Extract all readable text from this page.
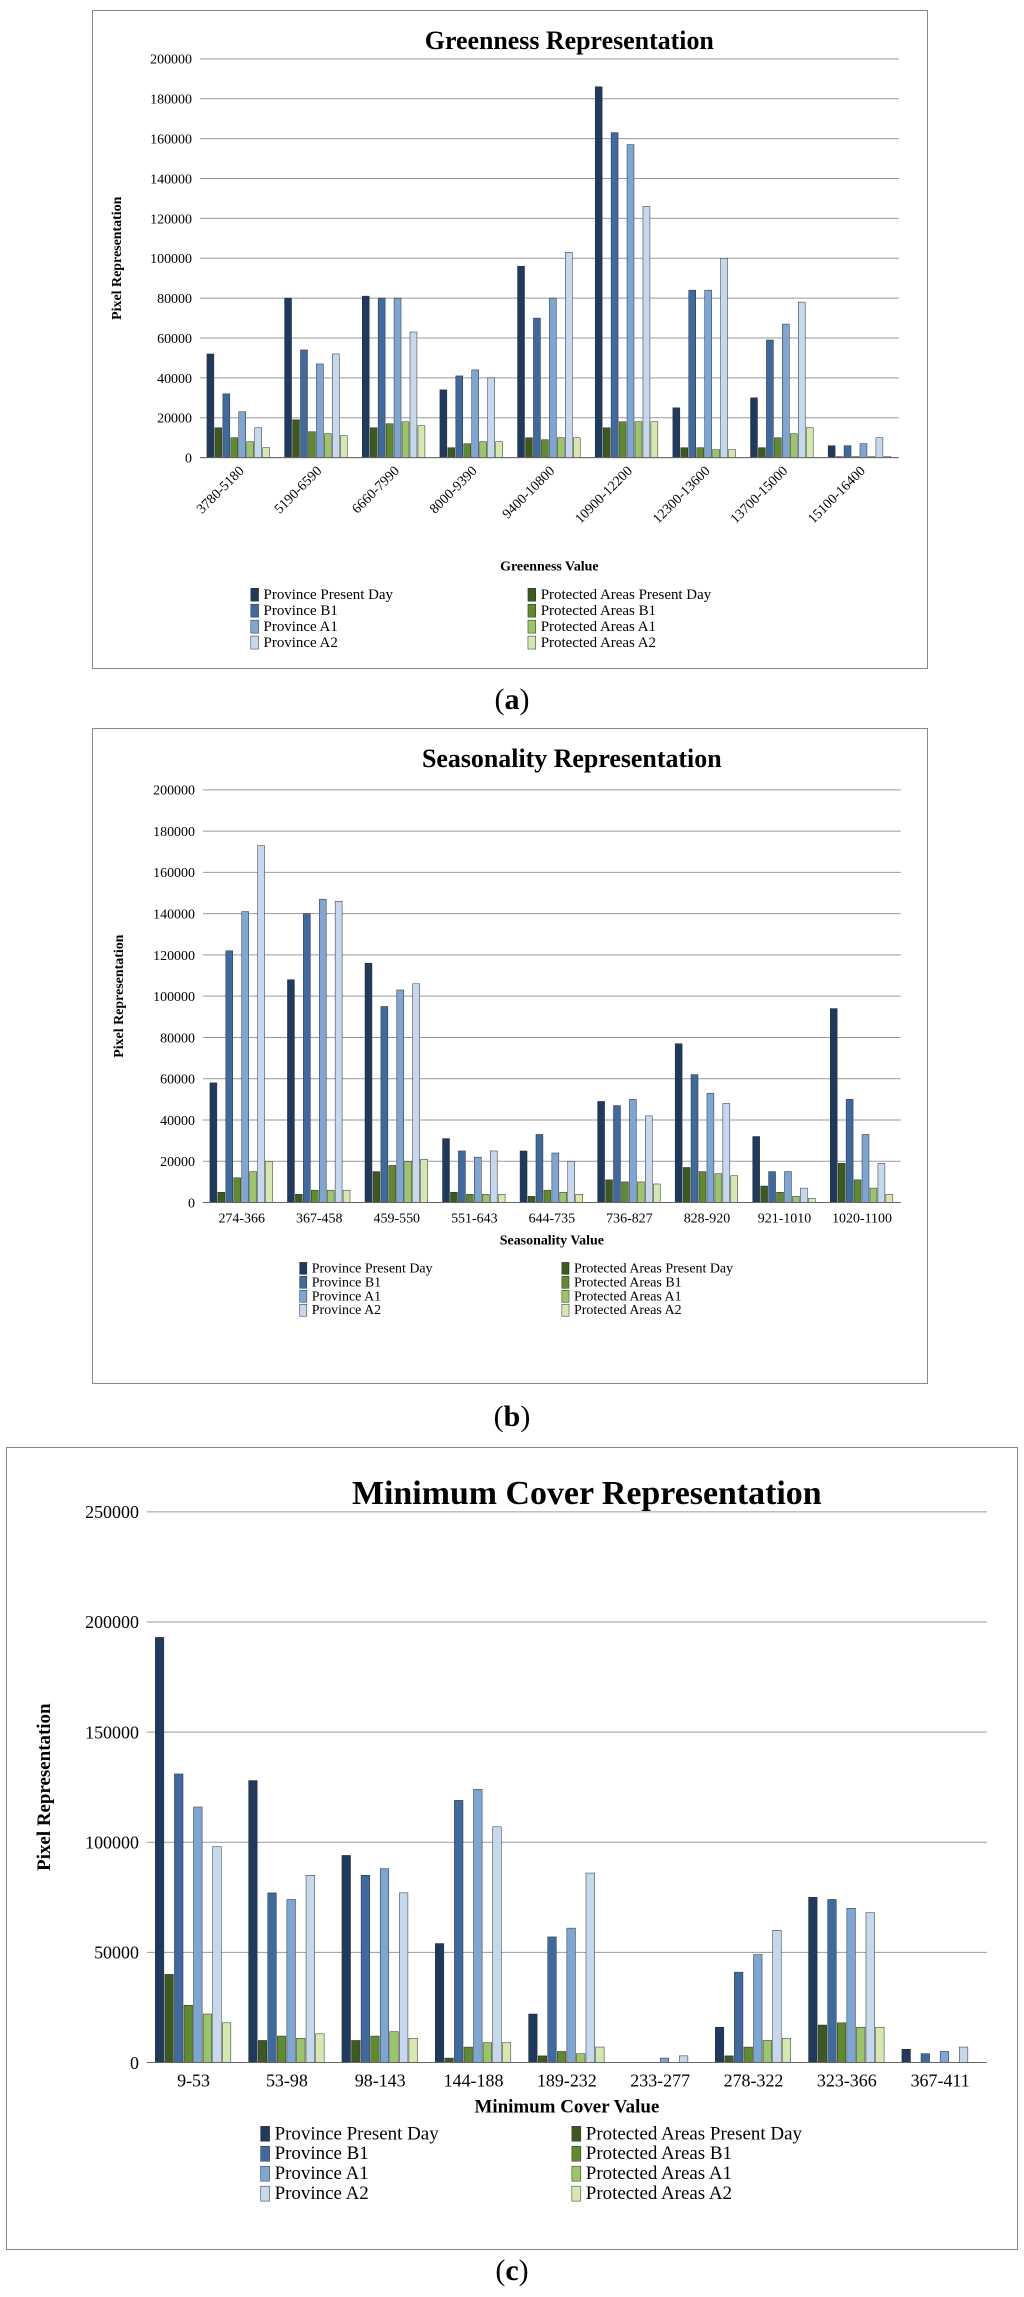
Greenness Representation
0
20000
40000
60000
80000
100000
120000
140000
160000
180000
200000
Pixel Representation
3780-5180 5190-6590 6660-7990 8000-9390 9400-10800 10900-12200 12300-13600 13700-15000 15100-16400
Greenness Value
Province Present Day
Province B1
Province A1
Province A2
Protected Areas Present Day
Protected Areas B1
Protected Areas A1
Protected Areas A2
(a)
Seasonality Representation
0
20000
40000
60000
80000
100000
120000
140000
160000
180000
200000
Pixel Representation
274-366 367-458 459-550 551-643 644-735 736-827 828-920 921-1010 1020-1100
Seasonality Value
Province Present Day
Province B1
Province A1
Province A2
Protected Areas Present Day
Protected Areas B1
Protected Areas A1
Protected Areas A2
(b)
Minimum Cover Representation
0
50000
100000
150000
200000
250000
Pixel Representation
9-53	53-98	98-143 144-188 189-232 233-277 278-322 323-366 367-411
Minimum Cover Value
Province Present Day
Province B1
Province A1
Province A2
Protected Areas Present Day
Protected Areas B1
Protected Areas A1
Protected Areas A2
(c)
